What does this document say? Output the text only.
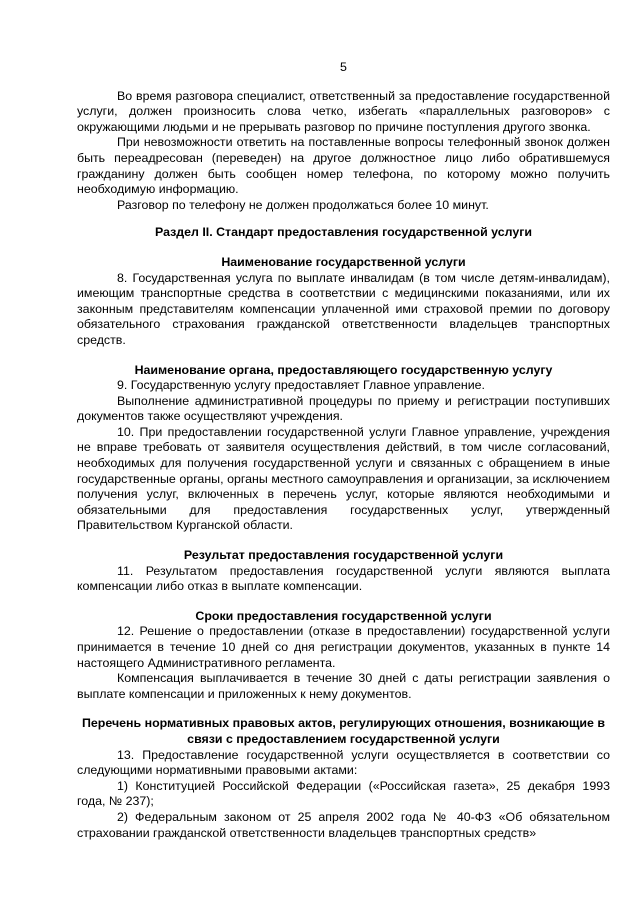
5

Во время разговора специалист, ответственный за предоставление государственной услуги, должен произносить слова четко, избегать «параллельных разговоров» с окружающими людьми и не прерывать разговор по причине поступления другого звонка.

При невозможности ответить на поставленные вопросы телефонный звонок должен быть переадресован (переведен) на другое должностное лицо либо обратившемуся гражданину должен быть сообщен номер телефона, по которому можно получить необходимую информацию.

Разговор по телефону не должен продолжаться более 10 минут.

Раздел II. Стандарт предоставления государственной услуги
Наименование государственной услуги

8. Государственная услуга по выплате инвалидам (в том числе детям-инвалидам), имеющим транспортные средства в соответствии с медицинскими показаниями, или их законным представителям компенсации уплаченной ими страховой премии по договору обязательного страхования гражданской ответственности владельцев транспортных средств.

Наименование органа, предоставляющего государственную услугу

9. Государственную услугу предоставляет Главное управление.

Выполнение административной процедуры по приему и регистрации поступивших документов также осуществляют учреждения.

10. При предоставлении государственной услуги Главное управление, учреждения не вправе требовать от заявителя осуществления действий, в том числе согласований, необходимых для получения государственной услуги и связанных с обращением в иные государственные органы, органы местного самоуправления и организации, за исключением получения услуг, включенных в перечень услуг, которые являются необходимыми и обязательными для предоставления государственных услуг, утвержденный Правительством Курганской области.

Результат предоставления государственной услуги

11. Результатом предоставления государственной услуги являются выплата компенсации либо отказ в выплате компенсации.

Сроки предоставления государственной услуги

12. Решение о предоставлении (отказе в предоставлении) государственной услуги принимается в течение 10 дней со дня регистрации документов, указанных в пункте 14 настоящего Административного регламента.

Компенсация выплачивается в течение 30 дней с даты регистрации заявления о выплате компенсации и приложенных к нему документов.

Перечень нормативных правовых актов, регулирующих отношения, возникающие в связи с предоставлением государственной услуги

13. Предоставление государственной услуги осуществляется в соответствии со следующими нормативными правовыми актами:

1) Конституцией Российской Федерации («Российская газета», 25 декабря 1993 года, № 237);

2) Федеральным законом от 25 апреля 2002 года № 40-ФЗ «Об обязательном страховании гражданской ответственности владельцев транспортных средств»
